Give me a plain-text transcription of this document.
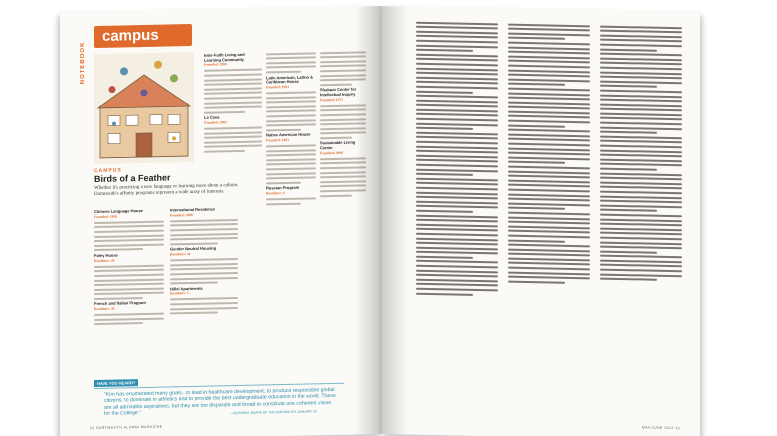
NOTEBOOK
campus
CAMPUS
Birds of a Feather
Whether it's practicing a new language or learning more about a culture, Dartmouth's affinity programs represent a wide array of interests.
Chinese Language House
Founded: 1996
Foley House
Residents: 28
French and Italian Program
Residents: 34
International Residence
Founded: 2006
Gender Neutral Housing
Residents: 44
Hillel Apartments
Residents: 5
Inter-Faith Living and Learning Community
Founded: 2006
La Casa
Founded: 1983
Latin American, Latino & Caribbean House
Founded: 1993
Native American House
Founded: 1983
Russian Program
Residents: 6
Shabazz Center for Intellectual Inquiry
Founded: 1972
Sustainable Living Center
Founded: 2008
HAVE YOU HEARD?
"Kim has enumerated many goals...to lead in healthcare development, to produce responsible global citizens, to dominate in athletics and to provide the best undergraduate education in the world. These are all admirable aspirations, but they are too disparate and broad to constitute one coherent vision for the College."	—EDITORIAL BOARD OF THE DARTMOUTH, JANUARY 29
12 DARTMOUTH ALUMNI MAGAZINE	MAY/JUNE 2012 13
